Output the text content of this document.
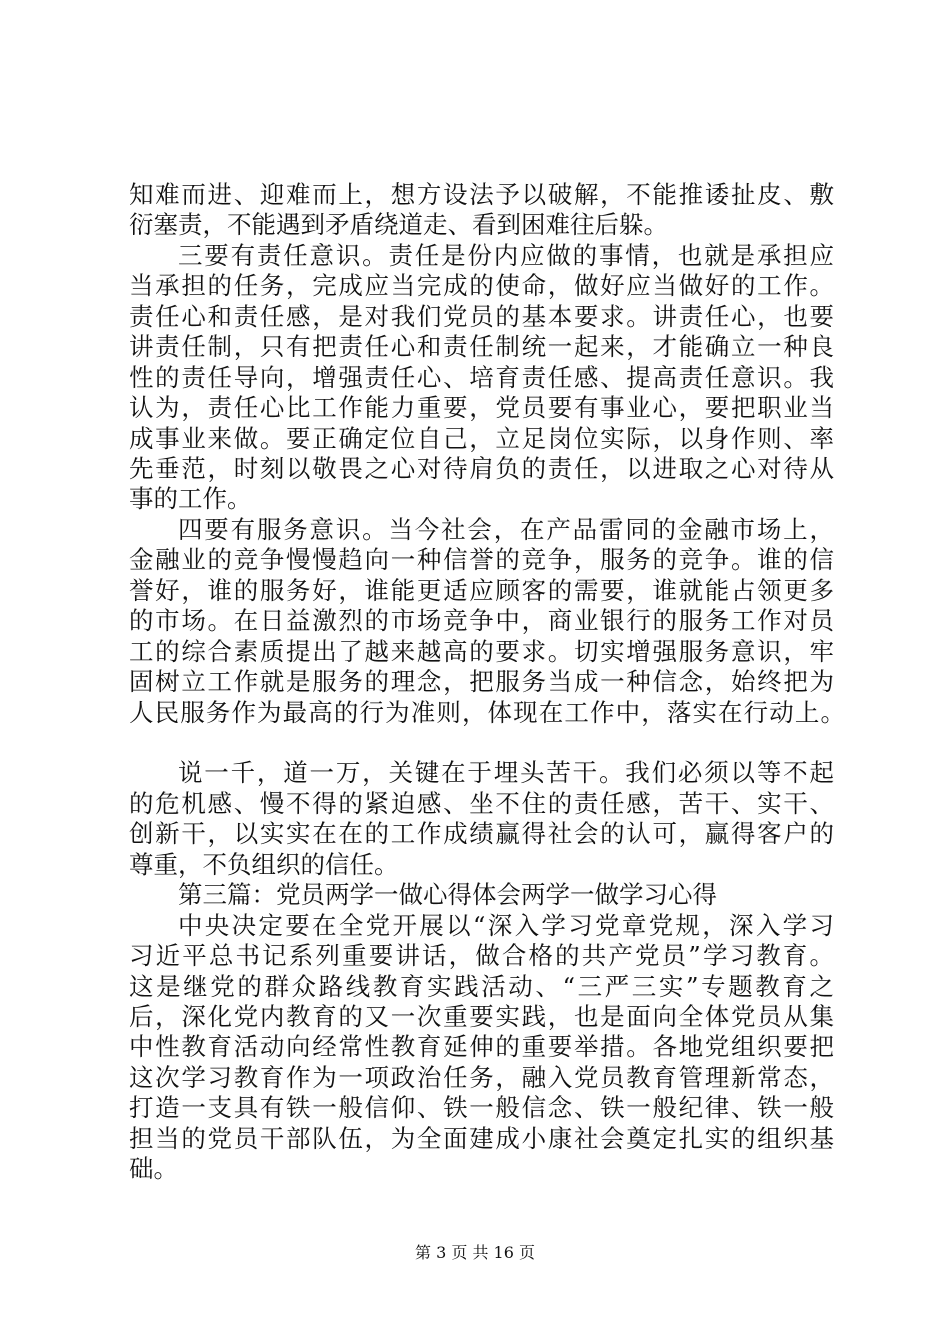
知难而进、迎难而上，想方设法予以破解，不能推诿扯皮、敷
衍塞责，不能遇到矛盾绕道走、看到困难往后躲。
三要有责任意识。责任是份内应做的事情，也就是承担应
当承担的任务，完成应当完成的使命，做好应当做好的工作。
责任心和责任感，是对我们党员的基本要求。讲责任心，也要
讲责任制，只有把责任心和责任制统一起来，才能确立一种良
性的责任导向，增强责任心、培育责任感、提高责任意识。我
认为，责任心比工作能力重要，党员要有事业心，要把职业当
成事业来做。要正确定位自己，立足岗位实际，以身作则、率
先垂范，时刻以敬畏之心对待肩负的责任，以进取之心对待从
事的工作。
四要有服务意识。当今社会，在产品雷同的金融市场上，
金融业的竞争慢慢趋向一种信誉的竞争，服务的竞争。谁的信
誉好，谁的服务好，谁能更适应顾客的需要，谁就能占领更多
的市场。在日益激烈的市场竞争中，商业银行的服务工作对员
工的综合素质提出了越来越高的要求。切实增强服务意识，牢
固树立工作就是服务的理念，把服务当成一种信念，始终把为
人民服务作为最高的行为准则，体现在工作中，落实在行动上。
说一千，道一万，关键在于埋头苦干。我们必须以等不起
的危机感、慢不得的紧迫感、坐不住的责任感，苦干、实干、
创新干，以实实在在的工作成绩赢得社会的认可，赢得客户的
尊重，不负组织的信任。
第三篇：党员两学一做心得体会两学一做学习心得
中央决定要在全党开展以“深入学习党章党规，深入学习
习近平总书记系列重要讲话，做合格的共产党员”学习教育。
这是继党的群众路线教育实践活动、“三严三实”专题教育之
后，深化党内教育的又一次重要实践，也是面向全体党员从集
中性教育活动向经常性教育延伸的重要举措。各地党组织要把
这次学习教育作为一项政治任务，融入党员教育管理新常态，
打造一支具有铁一般信仰、铁一般信念、铁一般纪律、铁一般
担当的党员干部队伍，为全面建成小康社会奠定扎实的组织基
础。
第 3 页 共 16 页
